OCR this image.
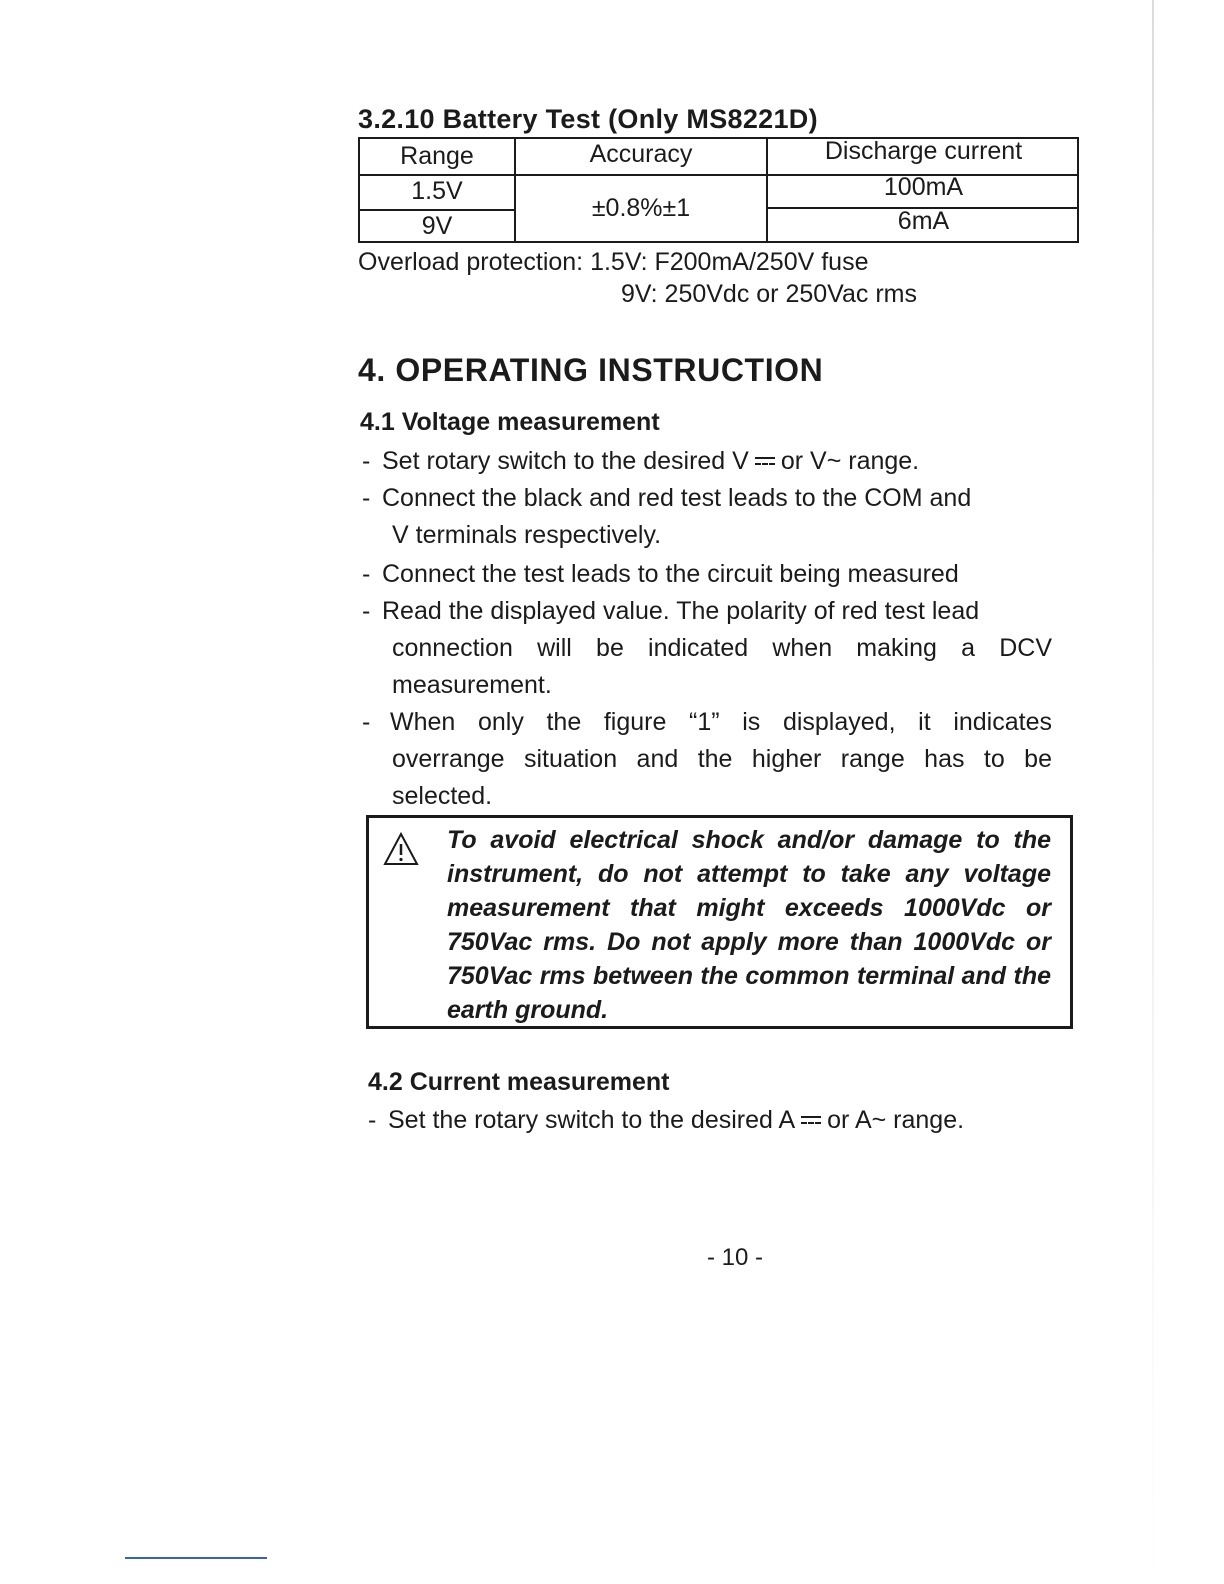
3.2.10 Battery Test (Only MS8221D)
Range	Accuracy	Discharge current
1.5V
9V
±0.8%±1
100mA
6mA
Overload protection: 1.5V: F200mA/250V fuse
9V: 250Vdc or 250Vac rms
4. OPERATING INSTRUCTION
4.1 Voltage measurement
- Set rotary switch to the desired V or V~ range.
- Connect the black and red test leads to the COM and
V terminals respectively.
- Connect the test leads to the circuit being measured
- Read the displayed value. The polarity of red test lead
connection will be indicated when making a DCV
measurement.
- When only the figure “1” is displayed, it indicates
overrange situation and the higher range has to be
selected.
To avoid electrical shock and/or damage to the instrument, do not attempt to take any voltage measurement that might exceeds 1000Vdc or 750Vac rms. Do not apply more than 1000Vdc or 750Vac rms between the common terminal and the earth ground.
4.2 Current measurement
- Set the rotary switch to the desired A or A~ range.
- 10 -
